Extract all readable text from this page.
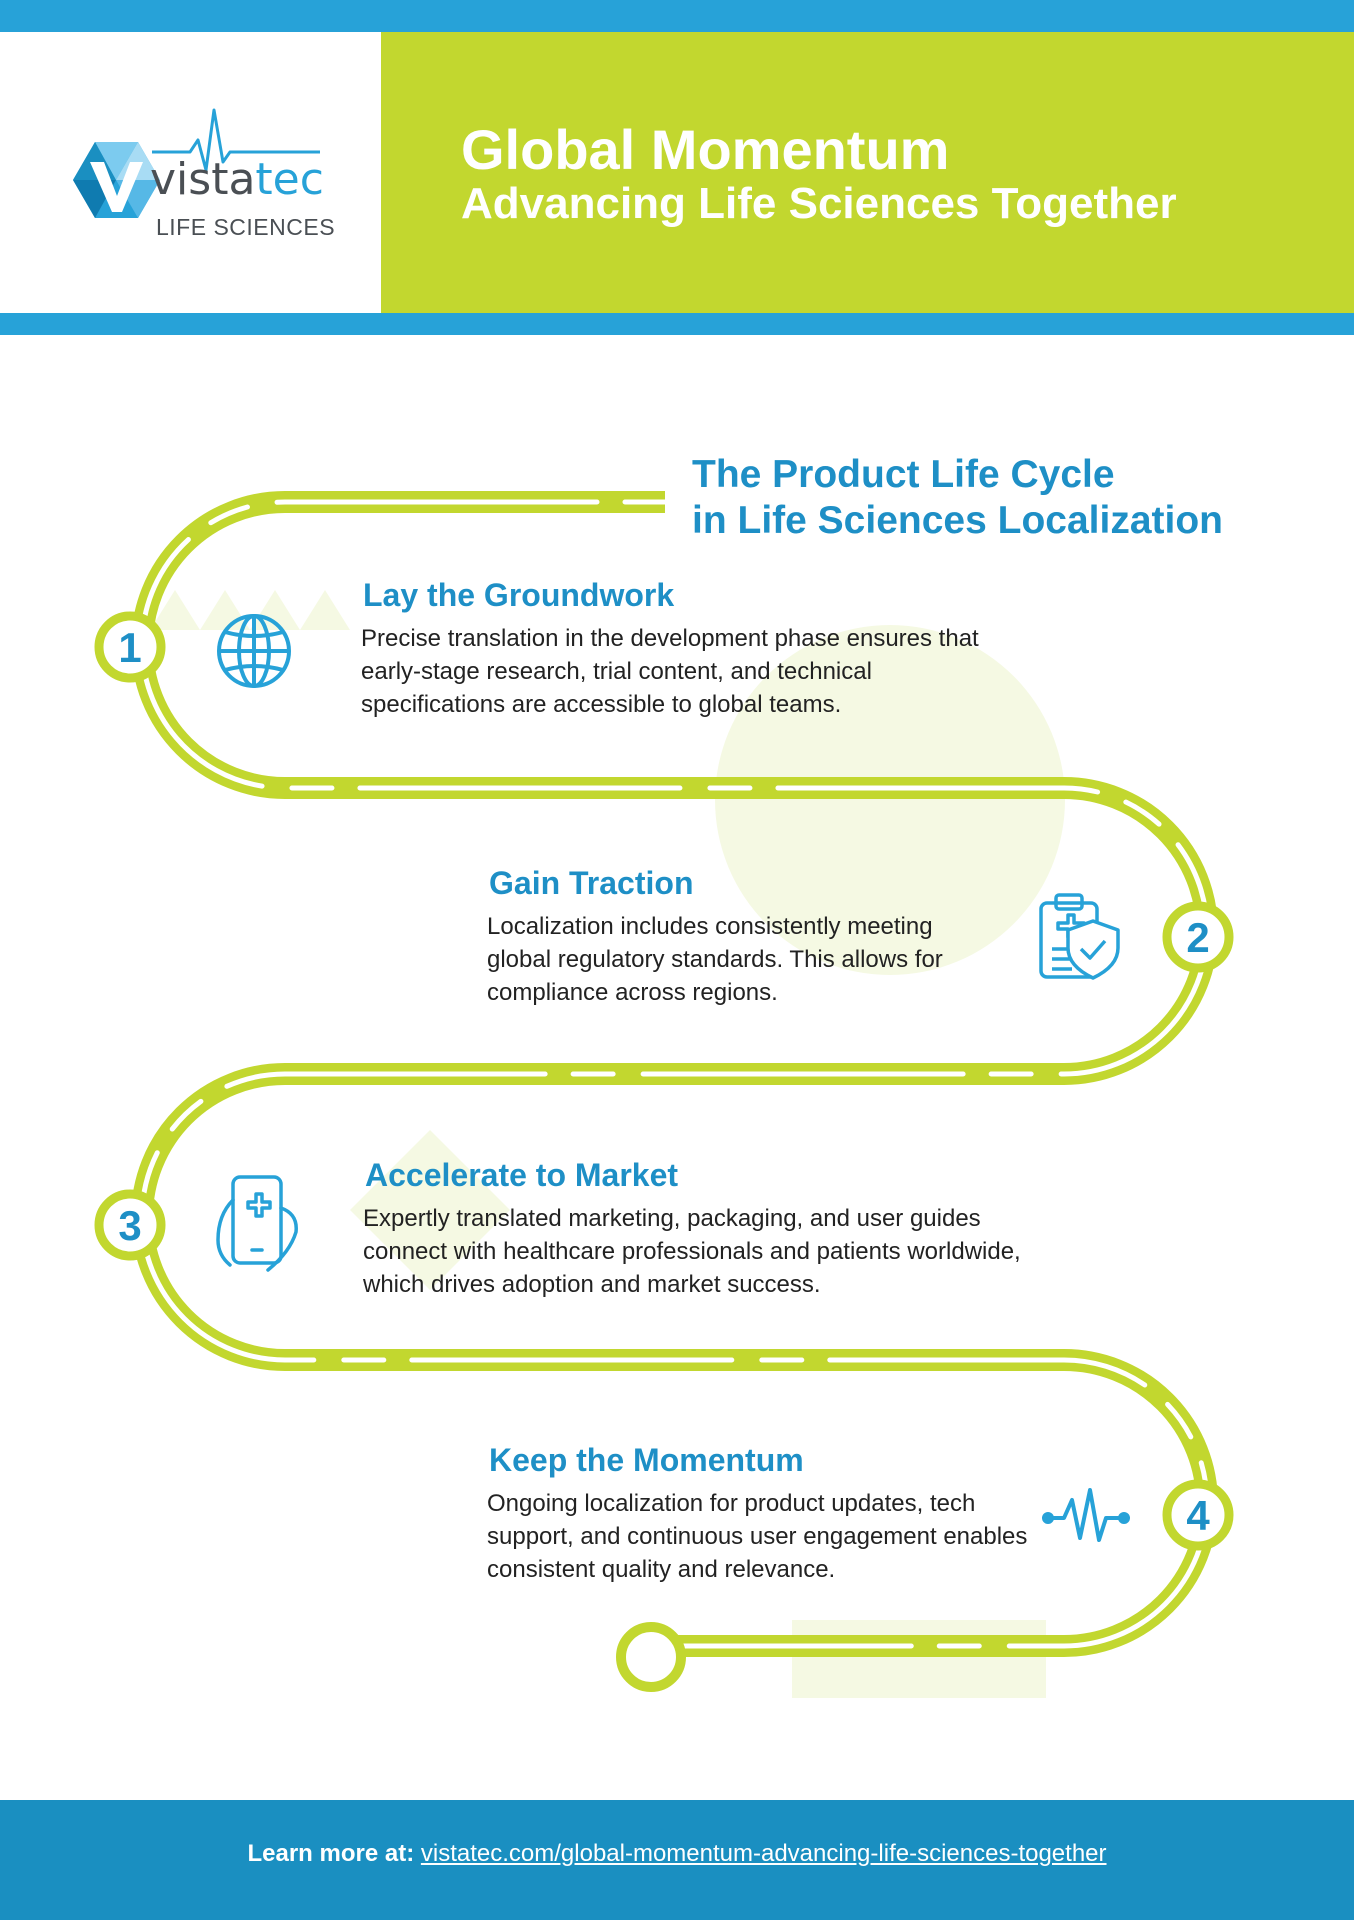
vistatec
LIFE SCIENCES
Global Momentum
Advancing Life Sciences Together
1
2
3
4
The Product Life Cycle
in Life Sciences Localization
Lay the Groundwork
Precise translation in the development phase ensures that early-stage research, trial content, and technical specifications are accessible to global teams.
Gain Traction
Localization includes consistently meeting global regulatory standards. This allows for compliance across regions.
Accelerate to Market
Expertly translated marketing, packaging, and user guides connect with healthcare professionals and patients worldwide, which drives adoption and market success.
Keep the Momentum
Ongoing localization for product updates, tech support, and continuous user engagement enables consistent quality and relevance.
Learn more at: vistatec.com/global-momentum-advancing-life-sciences-together
